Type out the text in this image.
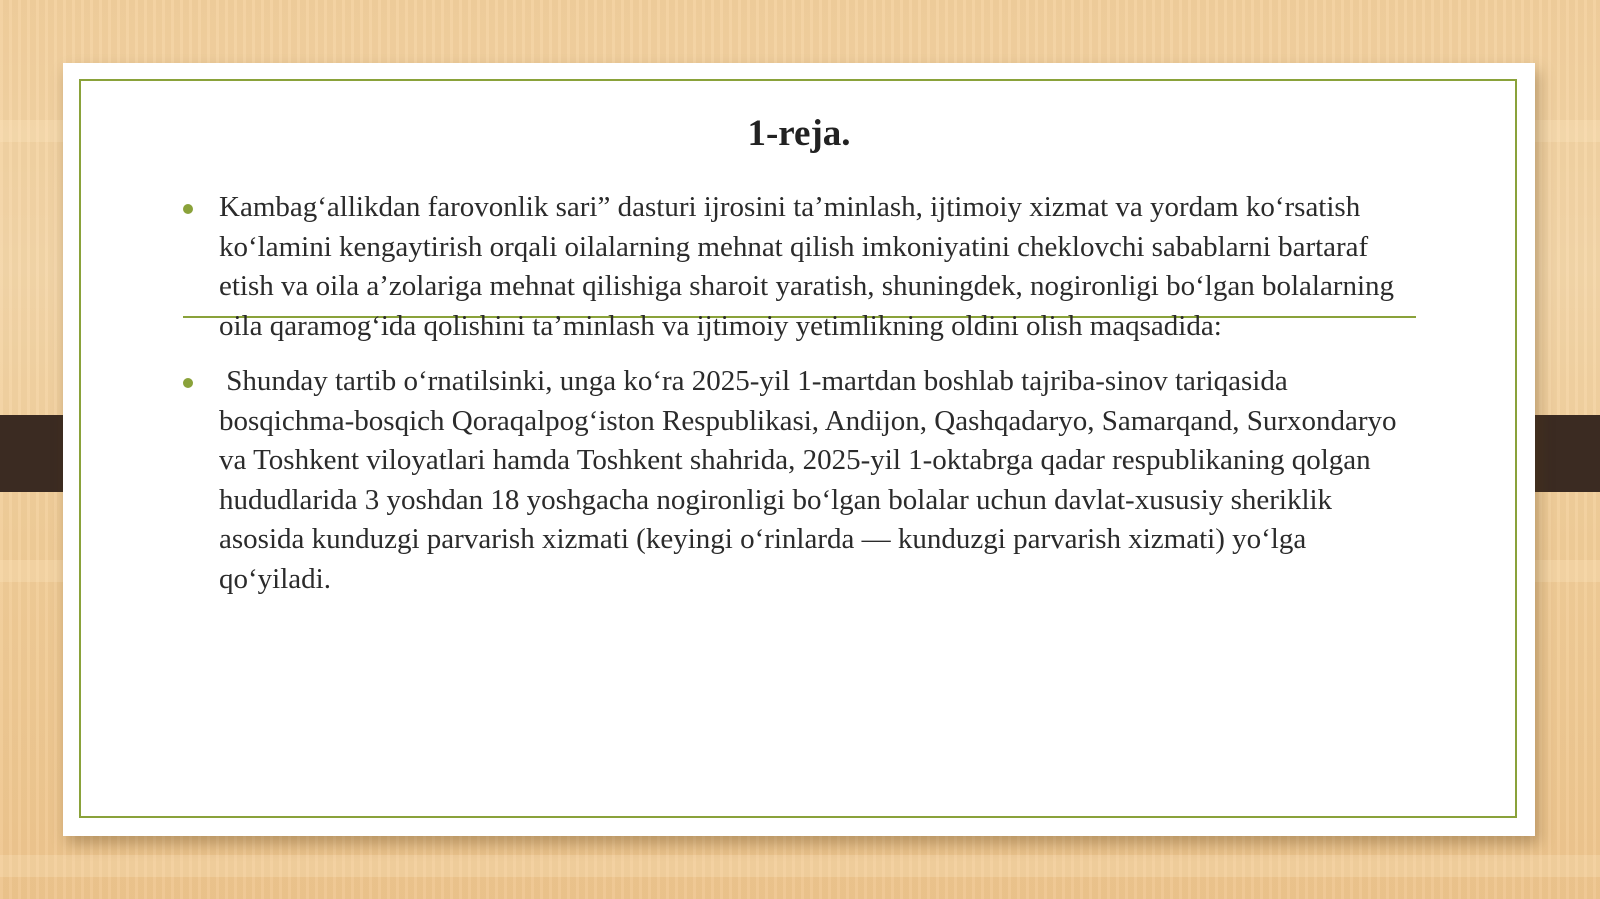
1-reja.
Kambag‘allikdan farovonlik sari” dasturi ijrosini ta’minlash, ijtimoiy xizmat va yordam ko‘rsatish ko‘lamini kengaytirish orqali oilalarning mehnat qilish imkoniyatini cheklovchi sabablarni bartaraf etish va oila a’zolariga mehnat qilishiga sharoit yaratish, shuningdek, nogironligi bo‘lgan bolalarning oila qaramog‘ida qolishini ta’minlash va ijtimoiy yetimlikning oldini olish maqsadida:
Shunday tartib o‘rnatilsinki, unga ko‘ra 2025-yil 1-martdan boshlab tajriba-sinov tariqasida bosqichma-bosqich Qoraqalpog‘iston Respublikasi, Andijon, Qashqadaryo, Samarqand, Surxondaryo va Toshkent viloyatlari hamda Toshkent shahrida, 2025-yil 1-oktabrga qadar respublikaning qolgan hududlarida 3 yoshdan 18 yoshgacha nogironligi bo‘lgan bolalar uchun davlat-xususiy sheriklik asosida kunduzgi parvarish xizmati (keyingi o‘rinlarda — kunduzgi parvarish xizmati) yo‘lga qo‘yiladi.
